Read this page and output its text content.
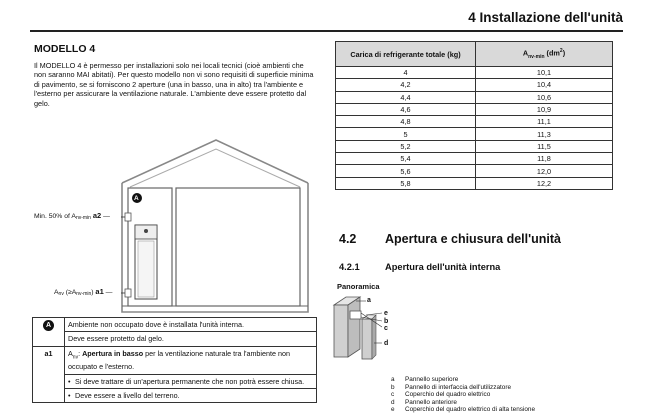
4 Installazione dell'unità
MODELLO 4
Il MODELLO 4 è permesso per installazioni solo nei locali tecnici (cioè ambienti che non saranno MAI abitati). Per questo modello non vi sono requisiti di superficie minima di pavimento, se si forniscono 2 aperture (una in basso, una in alto) tra l'ambiente e l'esterno per assicurare la ventilazione naturale. L'ambiente deve essere protetto dal gelo.
A
Min. 50% of $A_{nv-min}$ a2 —
$A_{nv}$ $(\ge A_{nv-min})$ a1 —
A	Ambiente non occupato dove è installata l'unità interna.
	Deve essere protetto dal gelo.
a1	$A_{nv}$: Apertura in basso per la ventilazione naturale tra l'ambiente non occupato e l'esterno.

	• Si deve trattare di un'apertura permanente che non potrà essere chiusa.

	• Deve essere a livello del terreno.
Carica di refrigerante totale (kg)	$A_{nv-min}$ $(dm^2)$
4	10,1
4,2	10,4
4,4	10,6
4,6	10,9
4,8	11,1
5	11,3
5,2	11,5
5,4	11,8
5,6	12,0
5,8	12,2
4.2 Apertura e chiusura dell'unità
4.2.1	Apertura dell'unità interna
Panoramica
a
e
b
c
d
a	Pannello superiore
b	Pannello di interfaccia dell'utilizzatore
c	Coperchio del quadro elettrico
d	Pannello anteriore
e	Coperchio del quadro elettrico di alta tensione
